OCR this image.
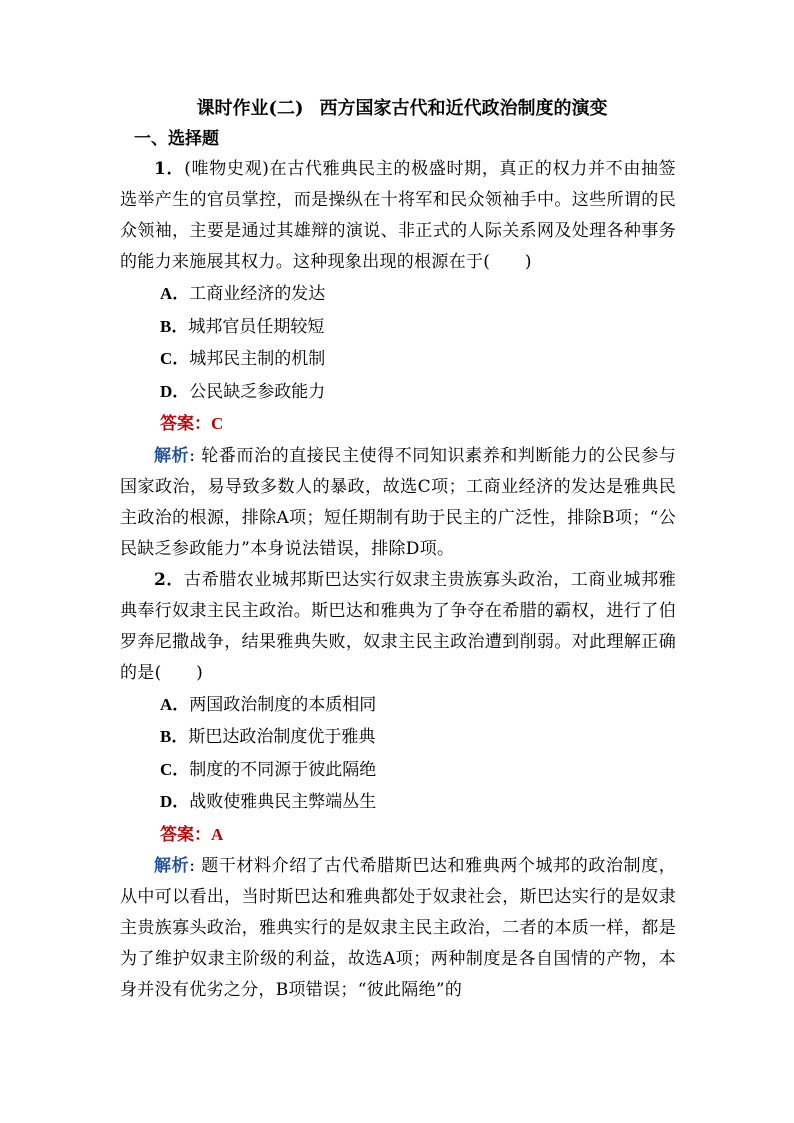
课时作业(二) 西方国家古代和近代政治制度的演变
一、选择题

1．(唯物史观)在古代雅典民主的极盛时期，真正的权力并不由抽签选举产生的官员掌控，而是操纵在十将军和民众领袖手中。这些所谓的民众领袖，主要是通过其雄辩的演说、非正式的人际关系网及处理各种事务的能力来施展其权力。这种现象出现的根源在于(　　)

A．工商业经济的发达
B．城邦官员任期较短
C．城邦民主制的机制
D．公民缺乏参政能力
答案：C

解析: 轮番而治的直接民主使得不同知识素养和判断能力的公民参与国家政治，易导致多数人的暴政，故选C项；工商业经济的发达是雅典民主政治的根源，排除A项；短任期制有助于民主的广泛性，排除B项；“公民缺乏参政能力”本身说法错误，排除D项。

2．古希腊农业城邦斯巴达实行奴隶主贵族寡头政治，工商业城邦雅典奉行奴隶主民主政治。斯巴达和雅典为了争夺在希腊的霸权，进行了伯罗奔尼撒战争，结果雅典失败，奴隶主民主政治遭到削弱。对此理解正确的是(　　)

A．两国政治制度的本质相同
B．斯巴达政治制度优于雅典
C．制度的不同源于彼此隔绝
D．战败使雅典民主弊端丛生
答案：A

解析: 题干材料介绍了古代希腊斯巴达和雅典两个城邦的政治制度，从中可以看出，当时斯巴达和雅典都处于奴隶社会，斯巴达实行的是奴隶主贵族寡头政治，雅典实行的是奴隶主民主政治，二者的本质一样，都是为了维护奴隶主阶级的利益，故选A项；两种制度是各自国情的产物，本身并没有优劣之分，B项错误；“彼此隔绝”的
